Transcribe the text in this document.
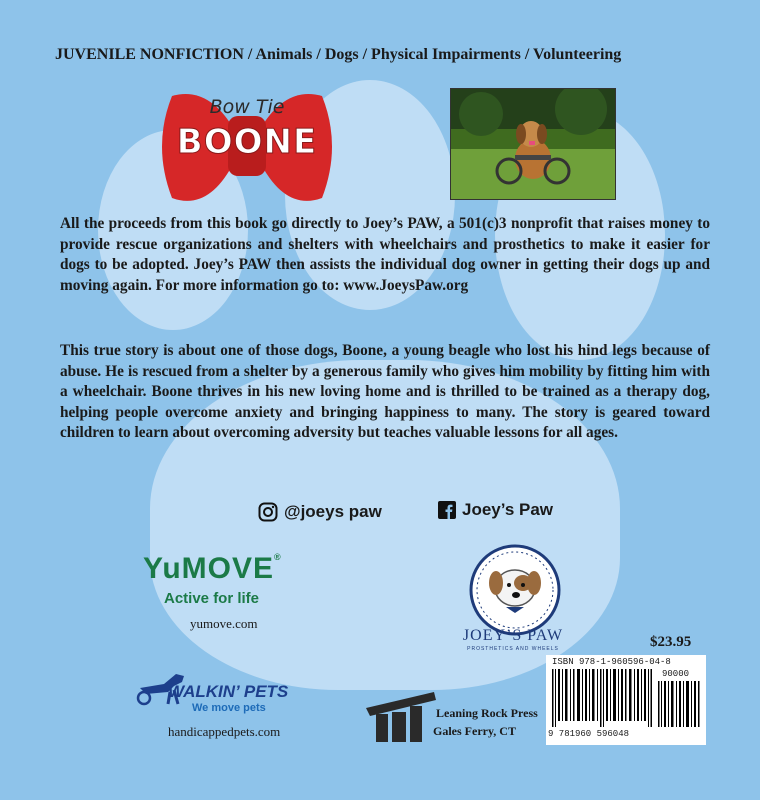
JUVENILE NONFICTION / Animals / Dogs / Physical Impairments / Volunteering
Bow Tie
BOONE
All the proceeds from this book go directly to Joey’s PAW, a 501(c)3 nonprofit that raises money to provide rescue organizations and shelters with wheelchairs and prosthetics to make it easier for dogs to be adopted. Joey’s PAW then assists the individual dog owner in getting their dogs up and moving again. For more information go to: www.JoeysPaw.org
This true story is about one of those dogs, Boone, a young beagle who lost his hind legs because of abuse. He is rescued from a shelter by a generous family who gives him mobility by fitting him with a wheelchair. Boone thrives in his new loving home and is thrilled to be trained as a therapy dog, helping people overcome anxiety and bringing happiness to many. The story is geared toward children to learn about overcoming adversity but teaches valuable lessons for all ages.
@joeys paw	Joey’s Paw
YuMOVE®
Active for life
yumove.com
JOEY’S PAW
PROSTHETICS AND WHEELS
WALKIN’ PETS
We move pets
handicappedpets.com
Leaning Rock Press
Gales Ferry, CT
$23.95
ISBN 978-1-960596-04-8
90000
9 781960 596048
